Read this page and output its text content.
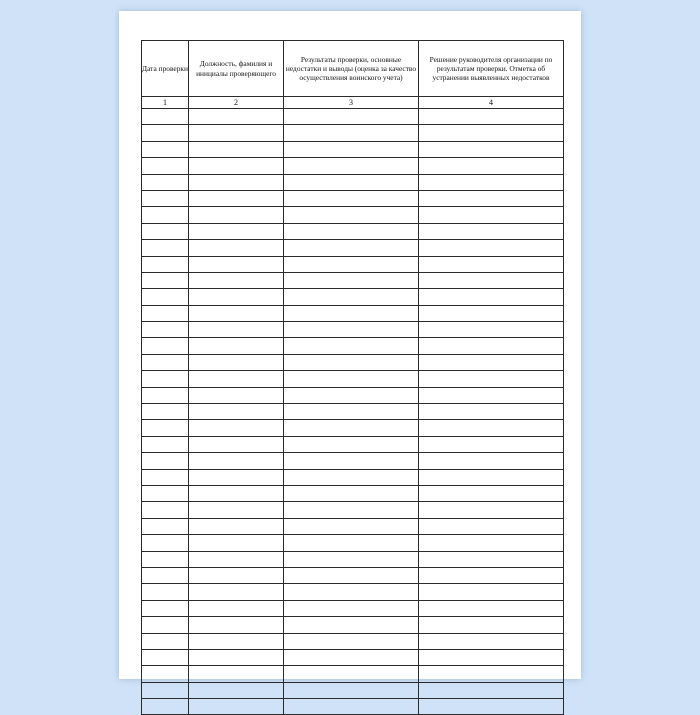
Дата проверки	Должность, фамилия и инициалы проверяющего	Результаты проверки, основные недостатки и выводы (оценка за качество осуществления воинского учета)	Решение руководителя организации по результатам проверки. Отметка об устранении выявленных недостатков
1	2	3	4
